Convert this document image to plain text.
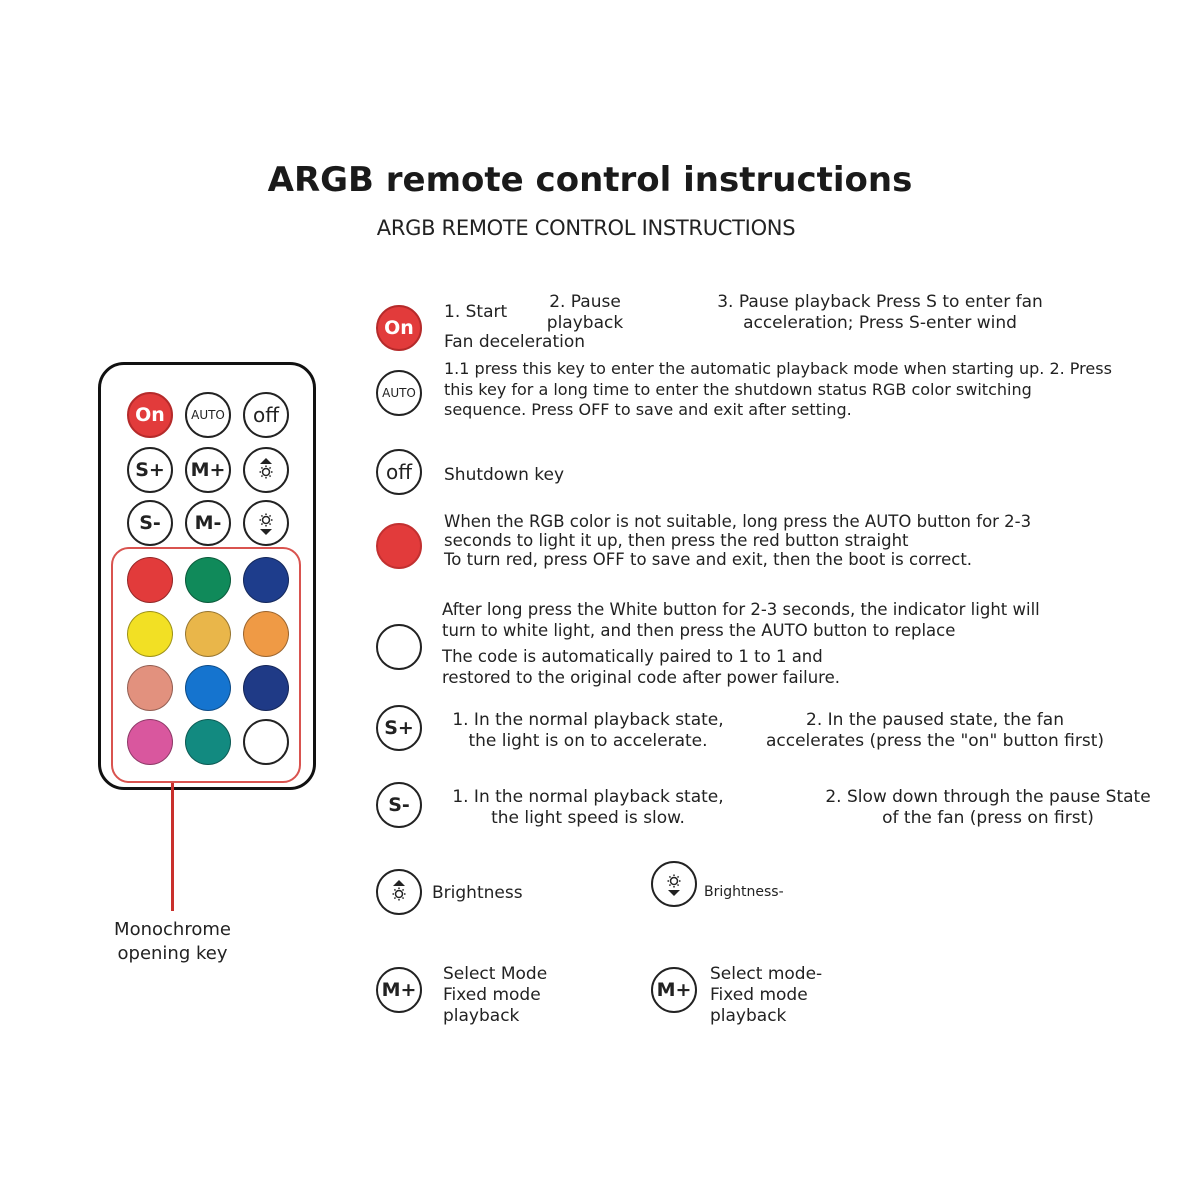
ARGB remote control instructions
ARGB REMOTE CONTROL INSTRUCTIONS
On	AUTO	off
S+	M+
S-	M-
Monochrome
opening key
On
1. Start	2. Pause
playback
3. Pause playback Press S to enter fan
acceleration; Press S-enter wind
Fan deceleration
AUTO
1.1 press this key to enter the automatic playback mode when starting up. 2. Press
this key for a long time to enter the shutdown status RGB color switching
sequence. Press OFF to save and exit after setting.
off	Shutdown key
When the RGB color is not suitable, long press the AUTO button for 2-3
seconds to light it up, then press the red button straight
To turn red, press OFF to save and exit, then the boot is correct.
After long press the White button for 2-3 seconds, the indicator light will
turn to white light, and then press the AUTO button to replace
The code is automatically paired to 1 to 1 and
restored to the original code after power failure.
S+	1. In the normal playback state,
the light is on to accelerate.
2. In the paused state, the fan
accelerates (press the "on" button first)
S-	1. In the normal playback state,
the light speed is slow.
2. Slow down through the pause State
of the fan (press on first)
Brightness	Brightness-
M+
Select Mode
Fixed mode
playback
M+
Select mode-
Fixed mode
playback
